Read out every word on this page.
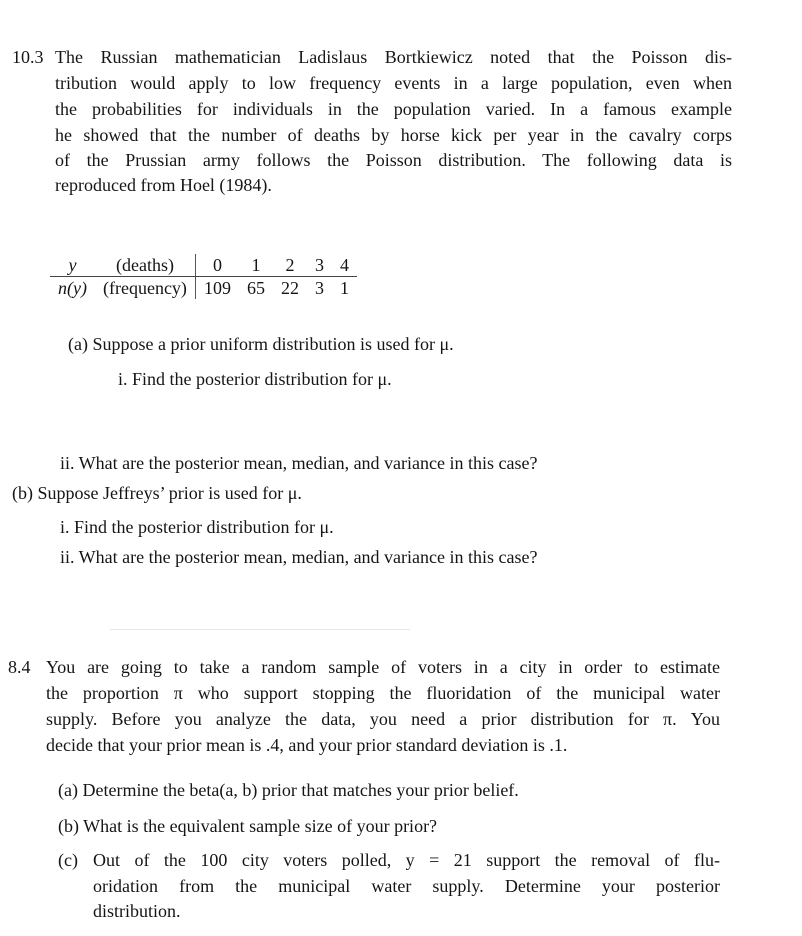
10.3 The Russian mathematician Ladislaus Bortkiewicz noted that the Poisson dis-
tribution would apply to low frequency events in a large population, even when
the probabilities for individuals in the population varied. In a famous example
he showed that the number of deaths by horse kick per year in the cavalry corps
of the Prussian army follows the Poisson distribution. The following data is
reproduced from Hoel (1984).
y	(deaths)	0	1	2	3	4
n(y)	(frequency)	109	65	22	3	1
(a) Suppose a prior uniform distribution is used for μ.
i. Find the posterior distribution for μ.
ii. What are the posterior mean, median, and variance in this case?
(b) Suppose Jeffreys’ prior is used for μ.
i. Find the posterior distribution for μ.
ii. What are the posterior mean, median, and variance in this case?
8.4 You are going to take a random sample of voters in a city in order to estimate
the proportion π who support stopping the fluoridation of the municipal water
supply. Before you analyze the data, you need a prior distribution for π. You
decide that your prior mean is .4, and your prior standard deviation is .1.
(a) Determine the beta(a, b) prior that matches your prior belief.
(b) What is the equivalent sample size of your prior?
(c) Out of the 100 city voters polled, y = 21 support the removal of flu-
oridation from the municipal water supply. Determine your posterior
distribution.
